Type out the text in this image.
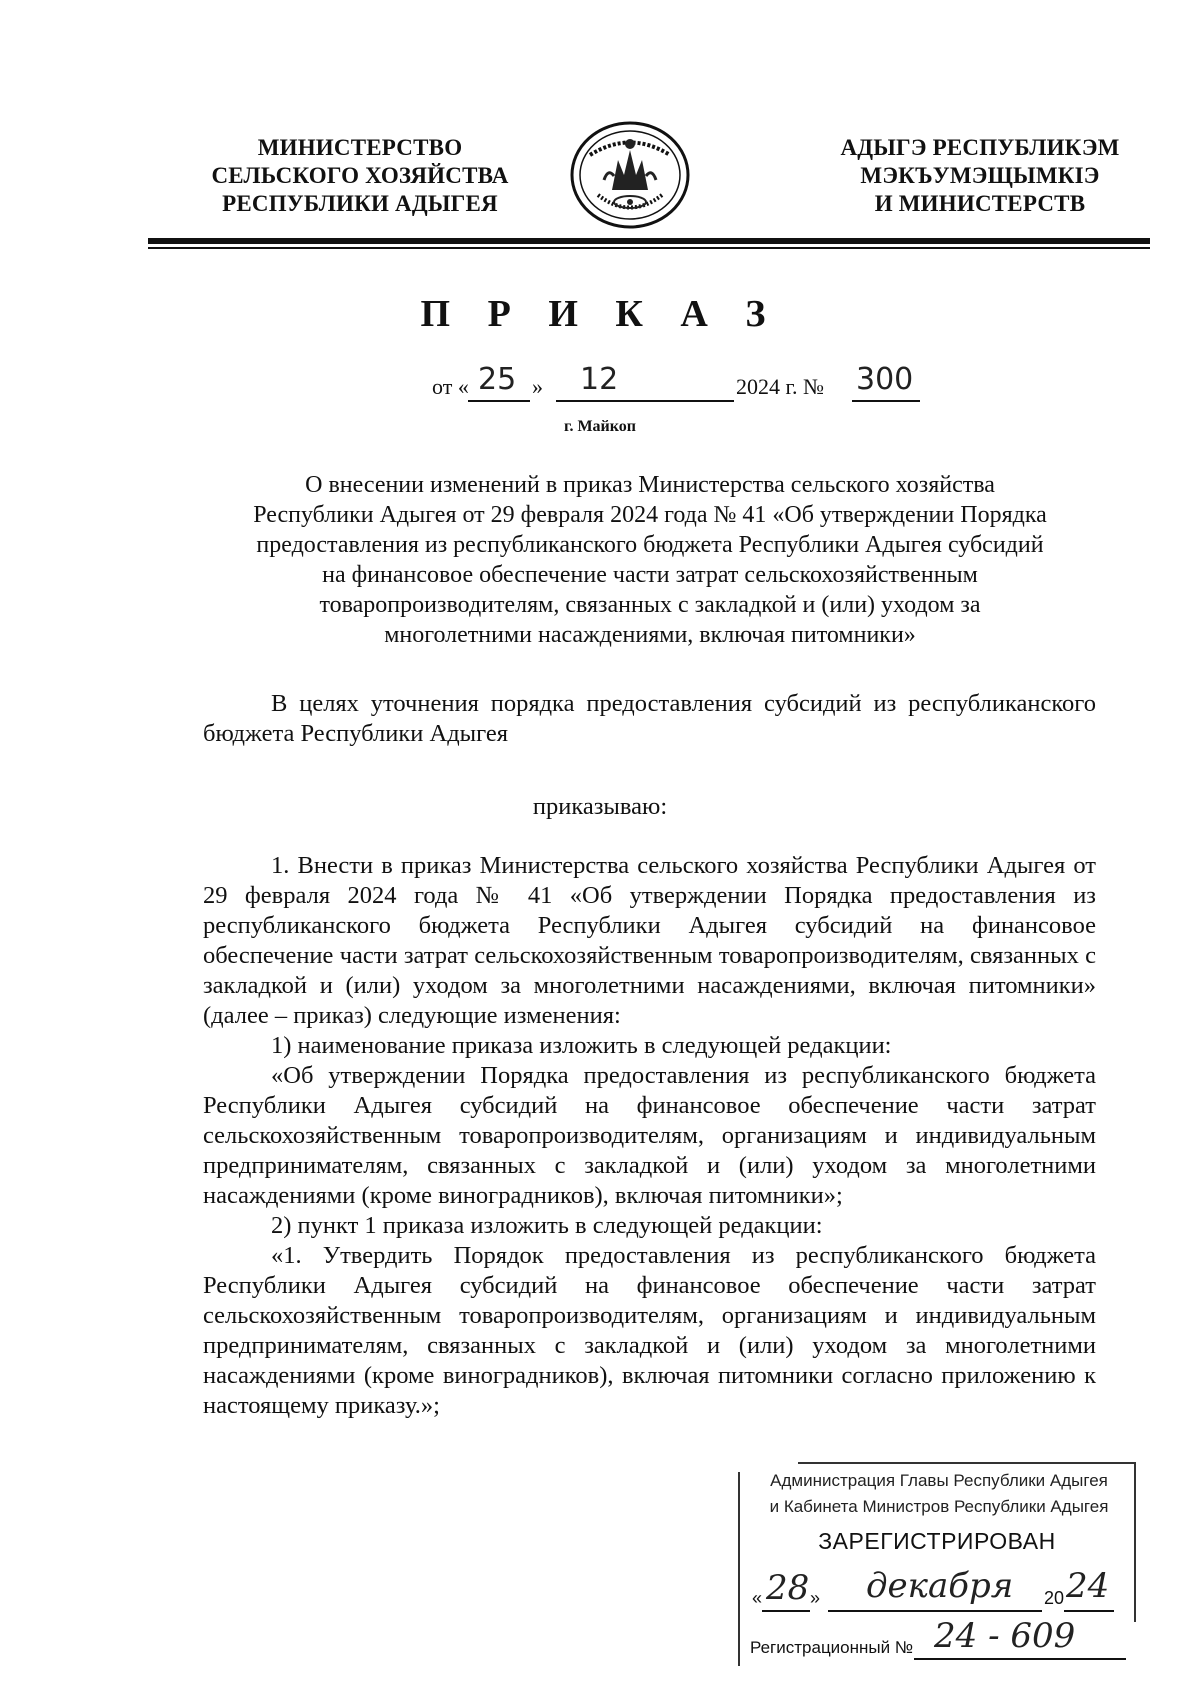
МИНИСТЕРСТВО
СЕЛЬСКОГО ХОЗЯЙСТВА
РЕСПУБЛИКИ АДЫГЕЯ
АДЫГЭ РЕСПУБЛИКЭМ
МЭКЪУМЭЩЫМКIЭ
И МИНИСТЕРСТВ
П Р И К А З
от « 25 » 12	2024 г. № 300
г. Майкоп
О внесении изменений в приказ Министерства сельского хозяйства
Республики Адыгея от 29 февраля 2024 года № 41 «Об утверждении Порядка
предоставления из республиканского бюджета Республики Адыгея субсидий
на финансовое обеспечение части затрат сельскохозяйственным
товаропроизводителям, связанных с закладкой и (или) уходом за
многолетними насаждениями, включая питомники»

В целях уточнения порядка предоставления субсидий из республиканского бюджета Республики Адыгея

приказываю:

1. Внести в приказ Министерства сельского хозяйства Республики Адыгея от 29 февраля 2024 года № 41 «Об утверждении Порядка предоставления из республиканского бюджета Республики Адыгея субсидий на финансовое обеспечение части затрат сельскохозяйственным товаропроизводителям, связанных с закладкой и (или) уходом за многолетними насаждениями, включая питомники» (далее – приказ) следующие изменения:

1) наименование приказа изложить в следующей редакции:

«Об утверждении Порядка предоставления из республиканского бюджета Республики Адыгея субсидий на финансовое обеспечение части затрат сельскохозяйственным товаропроизводителям, организациям и индивидуальным предпринимателям, связанных с закладкой и (или) уходом за многолетними насаждениями (кроме виноградников), включая питомники»;

2) пункт 1 приказа изложить в следующей редакции:

«1. Утвердить Порядок предоставления из республиканского бюджета Республики Адыгея субсидий на финансовое обеспечение части затрат сельскохозяйственным товаропроизводителям, организациям и индивидуальным предпринимателям, связанных с закладкой и (или) уходом за многолетними насаждениями (кроме виноградников), включая питомники согласно приложению к настоящему приказу.»;

Администрация Главы Республики Адыгея
и Кабинета Министров Республики Адыгея
ЗАРЕГИСТРИРОВАН
« 28 » декабря 20 24
Регистрационный № 24 - 609
